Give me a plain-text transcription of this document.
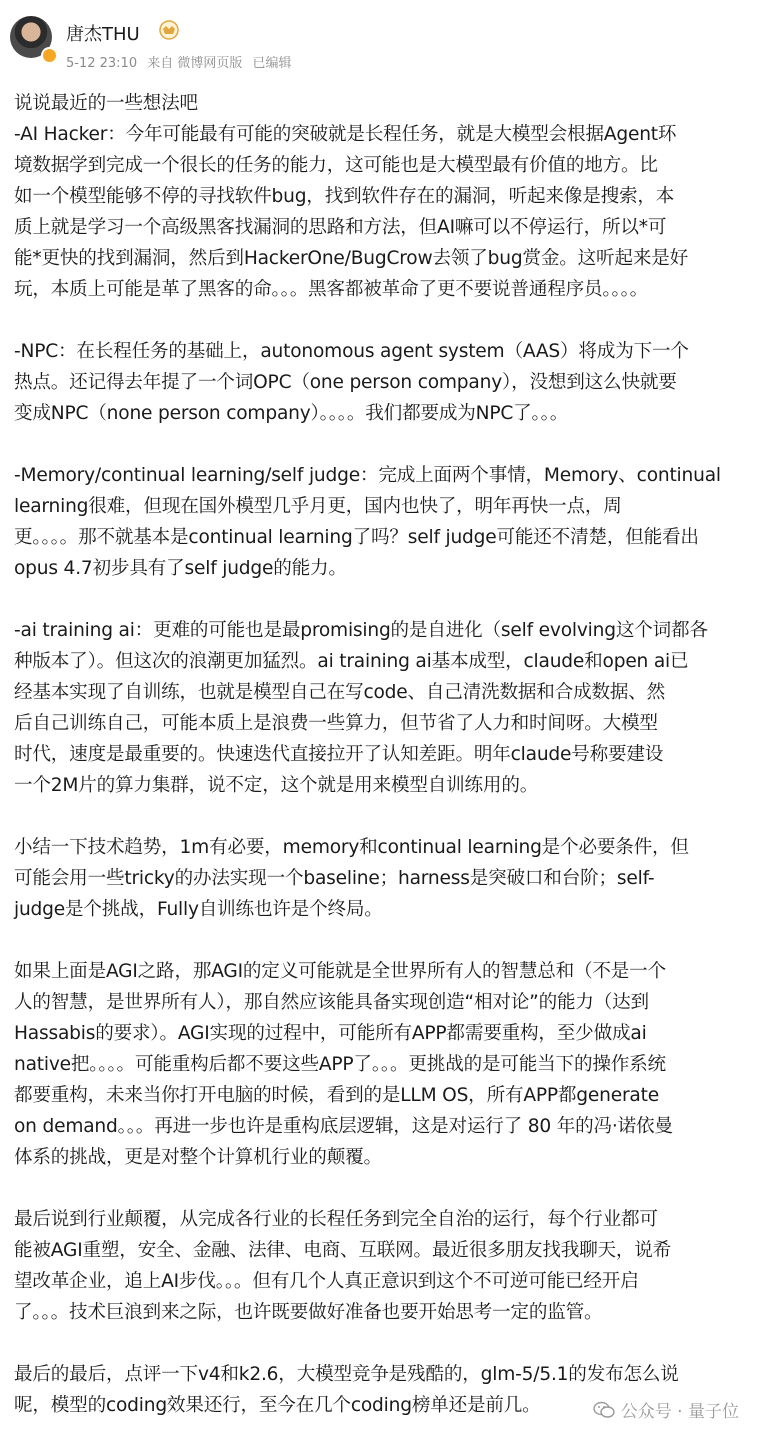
唐杰THU
5-12 23:10 来自 微博网页版 已编辑
说说最近的一些想法吧
-AI Hacker：今年可能最有可能的突破就是长程任务，就是大模型会根据Agent环
境数据学到完成一个很长的任务的能力，这可能也是大模型最有价值的地方。比
如一个模型能够不停的寻找软件bug，找到软件存在的漏洞，听起来像是搜索，本
质上就是学习一个高级黑客找漏洞的思路和方法，但AI嘛可以不停运行，所以*可
能*更快的找到漏洞，然后到HackerOne/BugCrow去领了bug赏金。这听起来是好
玩，本质上可能是革了黑客的命。。。黑客都被革命了更不要说普通程序员。。。。
-NPC：在长程任务的基础上，autonomous agent system（AAS）将成为下一个
热点。还记得去年提了一个词OPC（one person company），没想到这么快就要
变成NPC（none person company）。。。。我们都要成为NPC了。。。
-Memory/continual learning/self judge：完成上面两个事情，Memory、continual
learning很难，但现在国外模型几乎月更，国内也快了，明年再快一点，周
更。。。。那不就基本是continual learning了吗？self judge可能还不清楚，但能看出
opus 4.7初步具有了self judge的能力。
-ai training ai：更难的可能也是最promising的是自进化（self evolving这个词都各
种版本了）。但这次的浪潮更加猛烈。ai training ai基本成型，claude和open ai已
经基本实现了自训练，也就是模型自己在写code、自己清洗数据和合成数据、然
后自己训练自己，可能本质上是浪费一些算力，但节省了人力和时间呀。大模型
时代，速度是最重要的。快速迭代直接拉开了认知差距。明年claude号称要建设
一个2M片的算力集群，说不定，这个就是用来模型自训练用的。
小结一下技术趋势，1m有必要，memory和continual learning是个必要条件，但
可能会用一些tricky的办法实现一个baseline；harness是突破口和台阶；self-
judge是个挑战，Fully自训练也许是个终局。
如果上面是AGI之路，那AGI的定义可能就是全世界所有人的智慧总和（不是一个
人的智慧，是世界所有人），那自然应该能具备实现创造“相对论”的能力（达到
Hassabis的要求）。AGI实现的过程中，可能所有APP都需要重构，至少做成ai
native把。。。。可能重构后都不要这些APP了。。。更挑战的是可能当下的操作系统
都要重构，未来当你打开电脑的时候，看到的是LLM OS，所有APP都generate
on demand。。。再进一步也许是重构底层逻辑，这是对运行了 80 年的冯·诺依曼
体系的挑战，更是对整个计算机行业的颠覆。
最后说到行业颠覆，从完成各行业的长程任务到完全自治的运行，每个行业都可
能被AGI重塑，安全、金融、法律、电商、互联网。最近很多朋友找我聊天，说希
望改革企业，追上AI步伐。。。但有几个人真正意识到这个不可逆可能已经开启
了。。。技术巨浪到来之际，也许既要做好准备也要开始思考一定的监管。
最后的最后，点评一下v4和k2.6，大模型竞争是残酷的，glm-5/5.1的发布怎么说
呢，模型的coding效果还行，至今在几个coding榜单还是前几。	公众号 · 量子位
